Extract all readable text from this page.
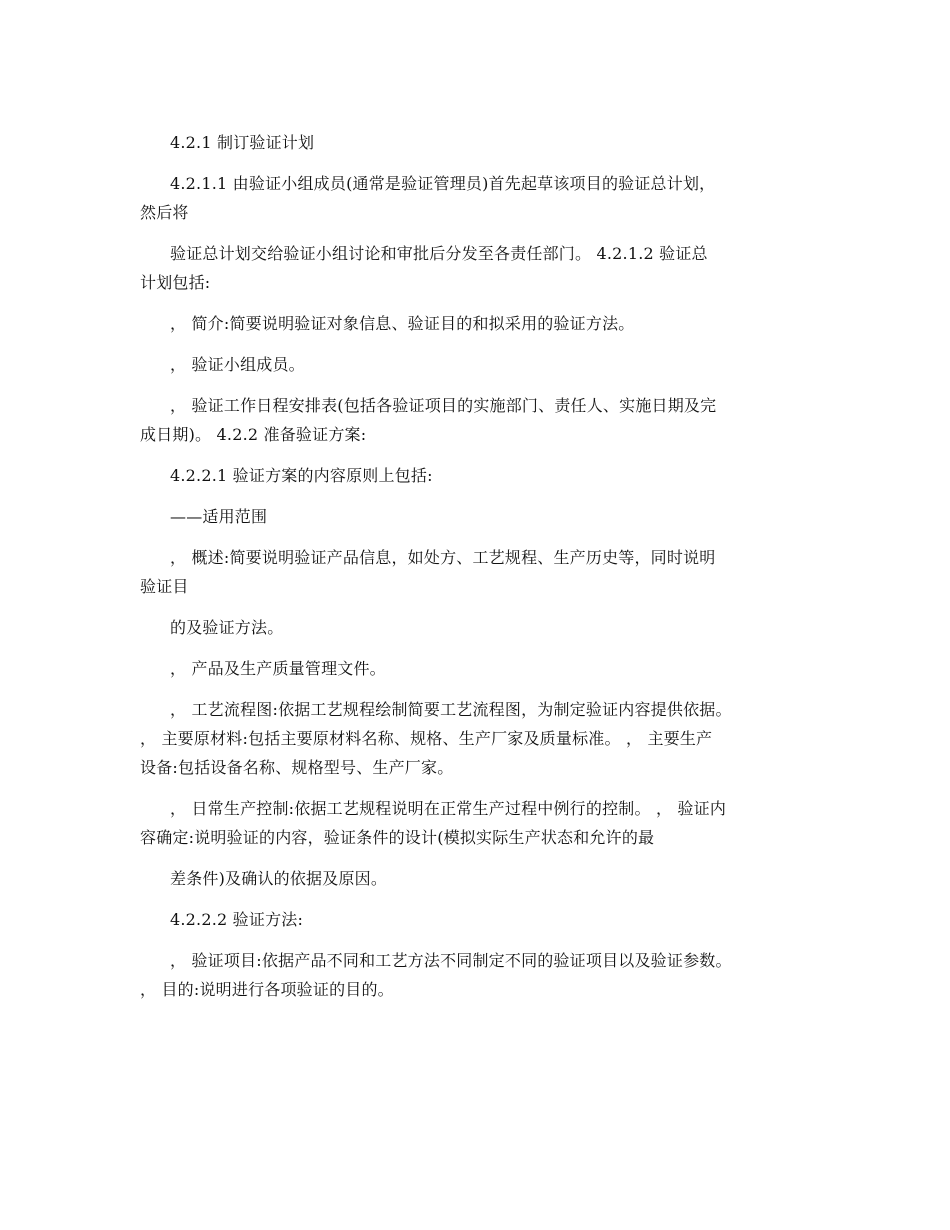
4.2.1 制订验证计划
4.2.1.1 由验证小组成员(通常是验证管理员)首先起草该项目的验证总计划，
然后将
验证总计划交给验证小组讨论和审批后分发至各责任部门。 4.2.1.2 验证总
计划包括:
， 简介:简要说明验证对象信息、验证目的和拟采用的验证方法。
， 验证小组成员。
， 验证工作日程安排表(包括各验证项目的实施部门、责任人、实施日期及完
成日期)。 4.2.2 准备验证方案:
4.2.2.1 验证方案的内容原则上包括:
——适用范围
， 概述:简要说明验证产品信息，如处方、工艺规程、生产历史等，同时说明
验证目
的及验证方法。
， 产品及生产质量管理文件。
， 工艺流程图:依据工艺规程绘制简要工艺流程图，为制定验证内容提供依据。
， 主要原材料:包括主要原材料名称、规格、生产厂家及质量标准。 ， 主要生产
设备:包括设备名称、规格型号、生产厂家。
， 日常生产控制:依据工艺规程说明在正常生产过程中例行的控制。 ， 验证内
容确定:说明验证的内容，验证条件的设计(模拟实际生产状态和允许的最
差条件)及确认的依据及原因。
4.2.2.2 验证方法:
， 验证项目:依据产品不同和工艺方法不同制定不同的验证项目以及验证参数。
， 目的:说明进行各项验证的目的。
